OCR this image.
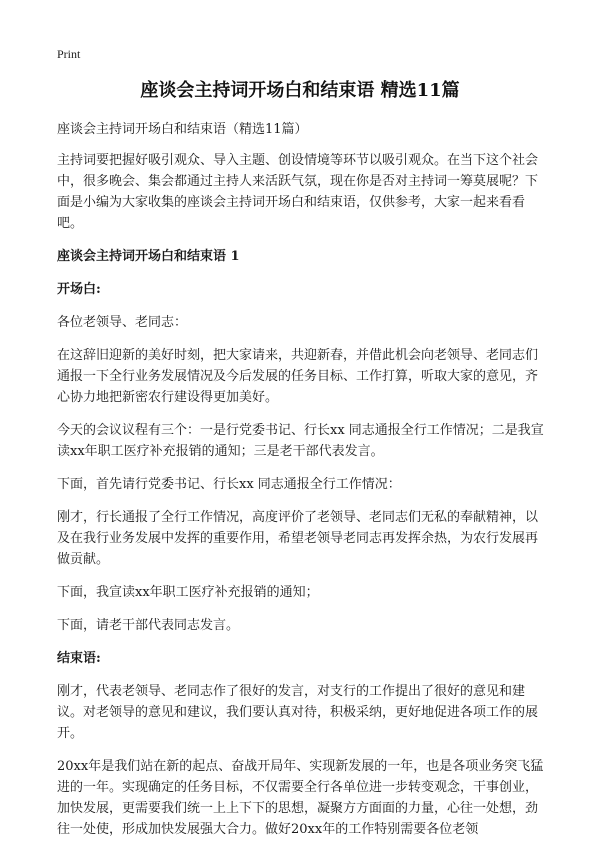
Print
座谈会主持词开场白和结束语 精选11篇

座谈会主持词开场白和结束语（精选11篇）

主持词要把握好吸引观众、导入主题、创设情境等环节以吸引观众。在当下这个社会中，很多晚会、集会都通过主持人来活跃气氛，现在你是否对主持词一筹莫展呢？下面是小编为大家收集的座谈会主持词开场白和结束语，仅供参考，大家一起来看看吧。

座谈会主持词开场白和结束语 1

开场白:

各位老领导、老同志：

在这辞旧迎新的美好时刻，把大家请来，共迎新春，并借此机会向老领导、老同志们通报一下全行业务发展情况及今后发展的任务目标、工作打算，听取大家的意见，齐心协力地把新密农行建设得更加美好。

今天的会议议程有三个：一是行党委书记、行长xx 同志通报全行工作情况；二是我宣读xx年职工医疗补充报销的通知；三是老干部代表发言。

下面，首先请行党委书记、行长xx 同志通报全行工作情况：

刚才，行长通报了全行工作情况，高度评价了老领导、老同志们无私的奉献精神，以及在我行业务发展中发挥的重要作用，希望老领导老同志再发挥余热，为农行发展再做贡献。

下面，我宣读xx年职工医疗补充报销的通知；

下面，请老干部代表同志发言。

结束语:

刚才，代表老领导、老同志作了很好的发言，对支行的工作提出了很好的意见和建议。对老领导的意见和建议，我们要认真对待，积极采纳，更好地促进各项工作的展开。

20xx年是我们站在新的起点、奋战开局年、实现新发展的一年，也是各项业务突飞猛进的一年。实现确定的任务目标，不仅需要全行各单位进一步转变观念，干事创业，加快发展，更需要我们统一上上下下的思想，凝聚方方面面的力量，心往一处想，劲往一处使，形成加快发展强大合力。做好20xx年的工作特别需要各位老领
